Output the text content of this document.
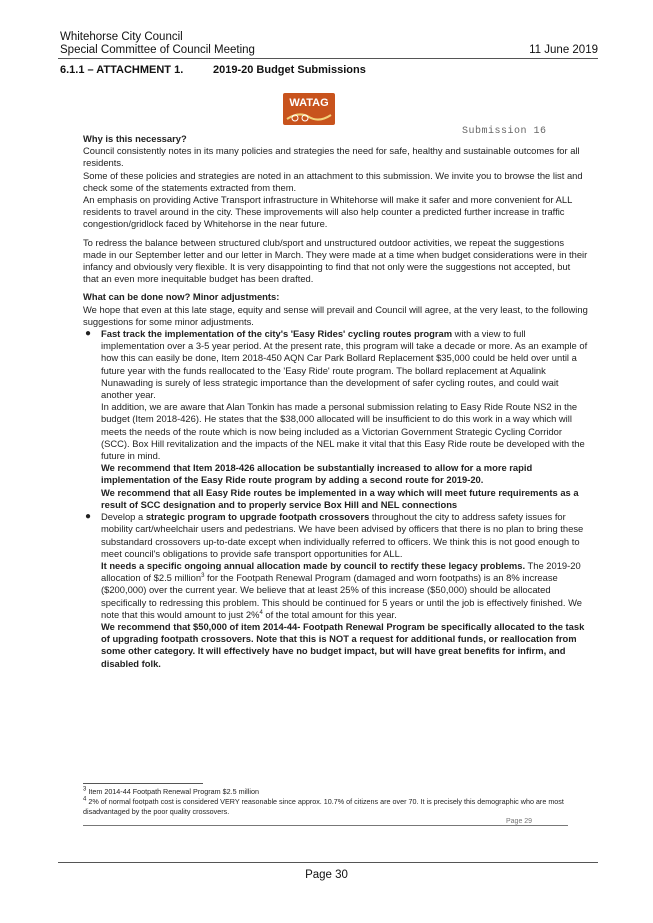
Whitehorse City Council
Special Committee of Council Meeting	11 June 2019
6.1.1 – ATTACHMENT 1.	2019-20 Budget Submissions
WATAG
Submission 16

Why is this necessary?

Council consistently notes in its many policies and strategies the need for safe, healthy and sustainable outcomes for all residents.

Some of these policies and strategies are noted in an attachment to this submission. We invite you to browse the list and check some of the statements extracted from them.

An emphasis on providing Active Transport infrastructure in Whitehorse will make it safer and more convenient for ALL residents to travel around in the city. These improvements will also help counter a predicted further increase in traffic congestion/gridlock faced by Whitehorse in the near future.

To redress the balance between structured club/sport and unstructured outdoor activities, we repeat the suggestions made in our September letter and our letter in March. They were made at a time when budget considerations were in their infancy and obviously very flexible. It is very disappointing to find that not only were the suggestions not accepted, but that an even more inequitable budget has been drafted.

What can be done now? Minor adjustments:

We hope that even at this late stage, equity and sense will prevail and Council will agree, at the very least, to the following suggestions for some minor adjustments.

● Fast track the implementation of the city's 'Easy Rides' cycling routes program with a view to full implementation over a 3-5 year period. At the present rate, this program will take a decade or more. As an example of how this can easily be done, Item 2018-450 AQN Car Park Bollard Replacement $35,000 could be held over until a future year with the funds reallocated to the 'Easy Ride' route program. The bollard replacement at Aqualink Nunawading is surely of less strategic importance than the development of safer cycling routes, and could wait another year.

In addition, we are aware that Alan Tonkin has made a personal submission relating to Easy Ride Route NS2 in the budget (Item 2018-426). He states that the $38,000 allocated will be insufficient to do this work in a way which will meets the needs of the route which is now being included as a Victorian Government Strategic Cycling Corridor (SCC). Box Hill revitalization and the impacts of the NEL make it vital that this Easy Ride route be developed with the future in mind.

We recommend that Item 2018-426 allocation be substantially increased to allow for a more rapid implementation of the Easy Ride route program by adding a second route for 2019-20.

We recommend that all Easy Ride routes be implemented in a way which will meet future requirements as a result of SCC designation and to properly service Box Hill and NEL connections

● Develop a strategic program to upgrade footpath crossovers throughout the city to address safety issues for mobility cart/wheelchair users and pedestrians. We have been advised by officers that there is no plan to bring these substandard crossovers up-to-date except when individually referred to officers. We think this is not good enough to meet council's obligations to provide safe transport opportunities for ALL.

It needs a specific ongoing annual allocation made by council to rectify these legacy problems. The 2019-20 allocation of $2.5 million$^3$ for the Footpath Renewal Program (damaged and worn footpaths) is an 8% increase ($200,000) over the current year. We believe that at least 25% of this increase ($50,000) should be allocated specifically to redressing this problem. This should be continued for 5 years or until the job is effectively finished. We note that this would amount to just 2%$^4$ of the total amount for this year.

We recommend that $50,000 of item 2014-44- Footpath Renewal Program be specifically allocated to the task of upgrading footpath crossovers. Note that this is NOT a request for additional funds, or reallocation from some other category. It will effectively have no budget impact, but will have great benefits for infirm, and disabled folk.

$^3$ Item 2014-44 Footpath Renewal Program $2.5 million

$^4$ 2% of normal footpath cost is considered VERY reasonable since approx. 10.7% of citizens are over 70. It is precisely this demographic who are most disadvantaged by the poor quality crossovers.

Page 29
Page 30
